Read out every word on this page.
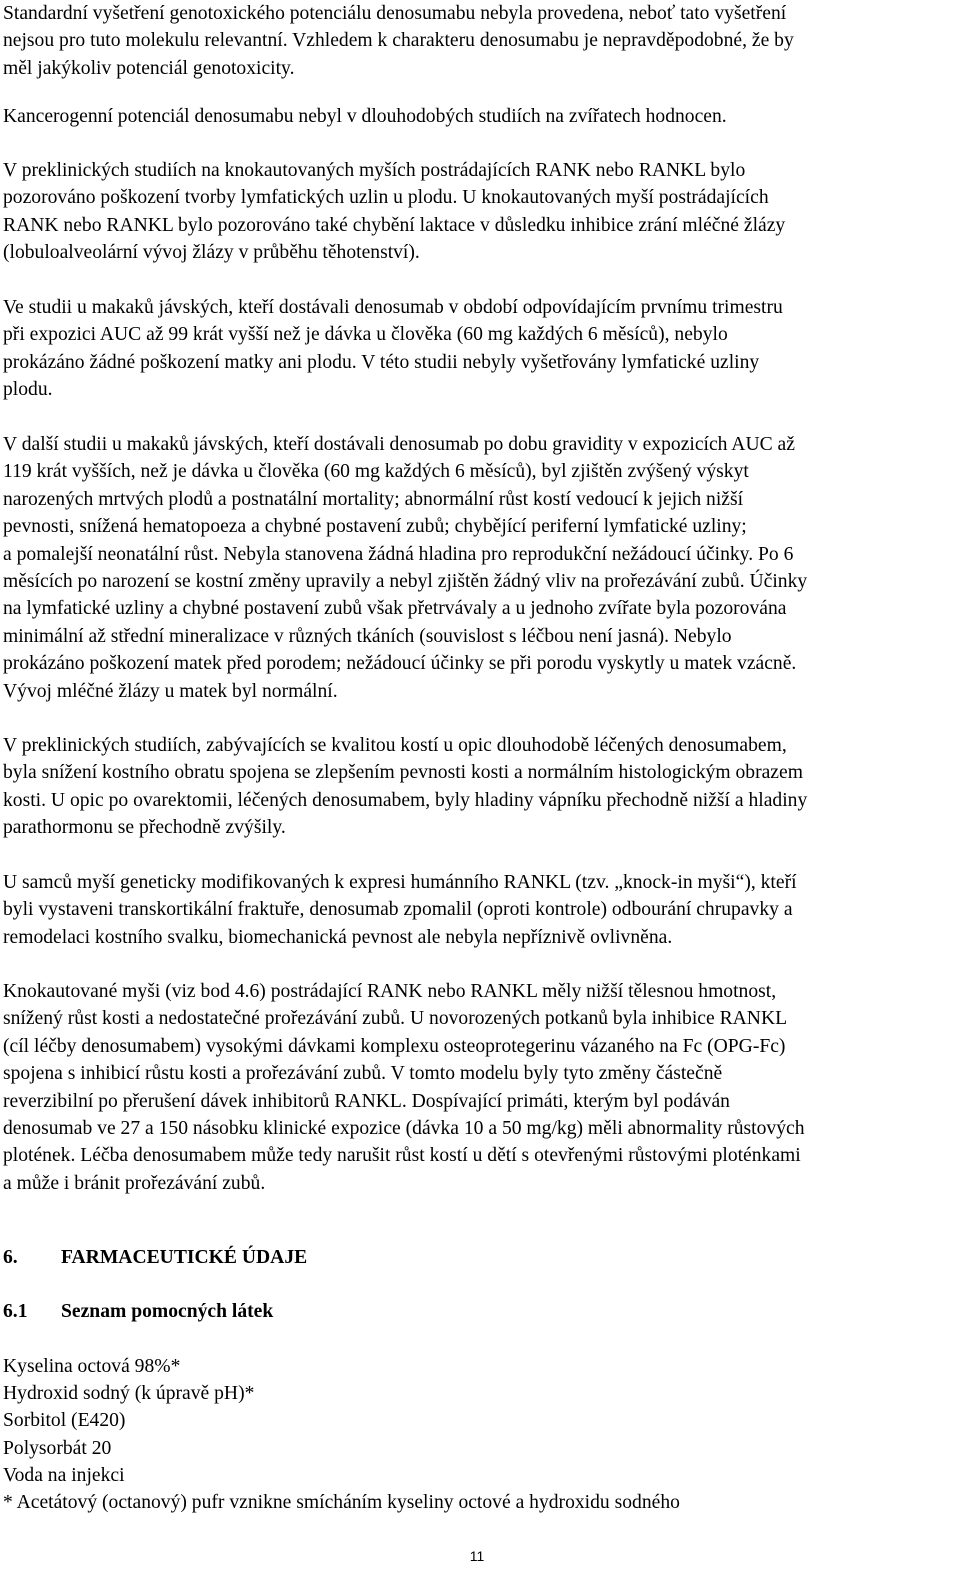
Standardní vyšetření genotoxického potenciálu denosumabu nebyla provedena, neboť tato vyšetření
nejsou pro tuto molekulu relevantní. Vzhledem k charakteru denosumabu je nepravděpodobné, že by
měl jakýkoliv potenciál genotoxicity.
Kancerogenní potenciál denosumabu nebyl v dlouhodobých studiích na zvířatech hodnocen.
V preklinických studiích na knokautovaných myších postrádajících RANK nebo RANKL bylo
pozorováno poškození tvorby lymfatických uzlin u plodu. U knokautovaných myší postrádajících
RANK nebo RANKL bylo pozorováno také chybění laktace v důsledku inhibice zrání mléčné žlázy
(lobuloalveolární vývoj žlázy v průběhu těhotenství).
Ve studii u makaků jávských, kteří dostávali denosumab v období odpovídajícím prvnímu trimestru
při expozici AUC až 99 krát vyšší než je dávka u člověka (60 mg každých 6 měsíců), nebylo
prokázáno žádné poškození matky ani plodu. V této studii nebyly vyšetřovány lymfatické uzliny
plodu.
V další studii u makaků jávských, kteří dostávali denosumab po dobu gravidity v expozicích AUC až
119 krát vyšších, než je dávka u člověka (60 mg každých 6 měsíců), byl zjištěn zvýšený výskyt
narozených mrtvých plodů a postnatální mortality; abnormální růst kostí vedoucí k jejich nižší
pevnosti, snížená hematopoeza a chybné postavení zubů; chybějící periferní lymfatické uzliny;
a pomalejší neonatální růst. Nebyla stanovena žádná hladina pro reprodukční nežádoucí účinky. Po 6
měsících po narození se kostní změny upravily a nebyl zjištěn žádný vliv na prořezávání zubů. Účinky
na lymfatické uzliny a chybné postavení zubů však přetrvávaly a u jednoho zvířate byla pozorována
minimální až střední mineralizace v různých tkáních (souvislost s léčbou není jasná). Nebylo
prokázáno poškození matek před porodem; nežádoucí účinky se při porodu vyskytly u matek vzácně.
Vývoj mléčné žlázy u matek byl normální.
V preklinických studiích, zabývajících se kvalitou kostí u opic dlouhodobě léčených denosumabem,
byla snížení kostního obratu spojena se zlepšením pevnosti kosti a normálním histologickým obrazem
kosti. U opic po ovarektomii, léčených denosumabem, byly hladiny vápníku přechodně nižší a hladiny
parathormonu se přechodně zvýšily.
U samců myší geneticky modifikovaných k expresi humánního RANKL (tzv. „knock-in myši“), kteří
byli vystaveni transkortikální fraktuře, denosumab zpomalil (oproti kontrole) odbourání chrupavky a
remodelaci kostního svalku, biomechanická pevnost ale nebyla nepříznivě ovlivněna.
Knokautované myši (viz bod 4.6) postrádající RANK nebo RANKL měly nižší tělesnou hmotnost,
snížený růst kosti a nedostatečné prořezávání zubů. U novorozených potkanů byla inhibice RANKL
(cíl léčby denosumabem) vysokými dávkami komplexu osteoprotegerinu vázaného na Fc (OPG-Fc)
spojena s inhibicí růstu kosti a prořezávání zubů. V tomto modelu byly tyto změny částečně
reverzibilní po přerušení dávek inhibitorů RANKL. Dospívající primáti, kterým byl podáván
denosumab ve 27 a 150 násobku klinické expozice (dávka 10 a 50 mg/kg) měli abnormality růstových
plotének. Léčba denosumabem může tedy narušit růst kostí u dětí s otevřenými růstovými ploténkami
a může i bránit prořezávání zubů.
6. FARMACEUTICKÉ ÚDAJE
6.1 Seznam pomocných látek
Kyselina octová 98%*
Hydroxid sodný (k úpravě pH)*
Sorbitol (E420)
Polysorbát 20
Voda na injekci
* Acetátový (octanový) pufr vznikne smícháním kyseliny octové a hydroxidu sodného
11
